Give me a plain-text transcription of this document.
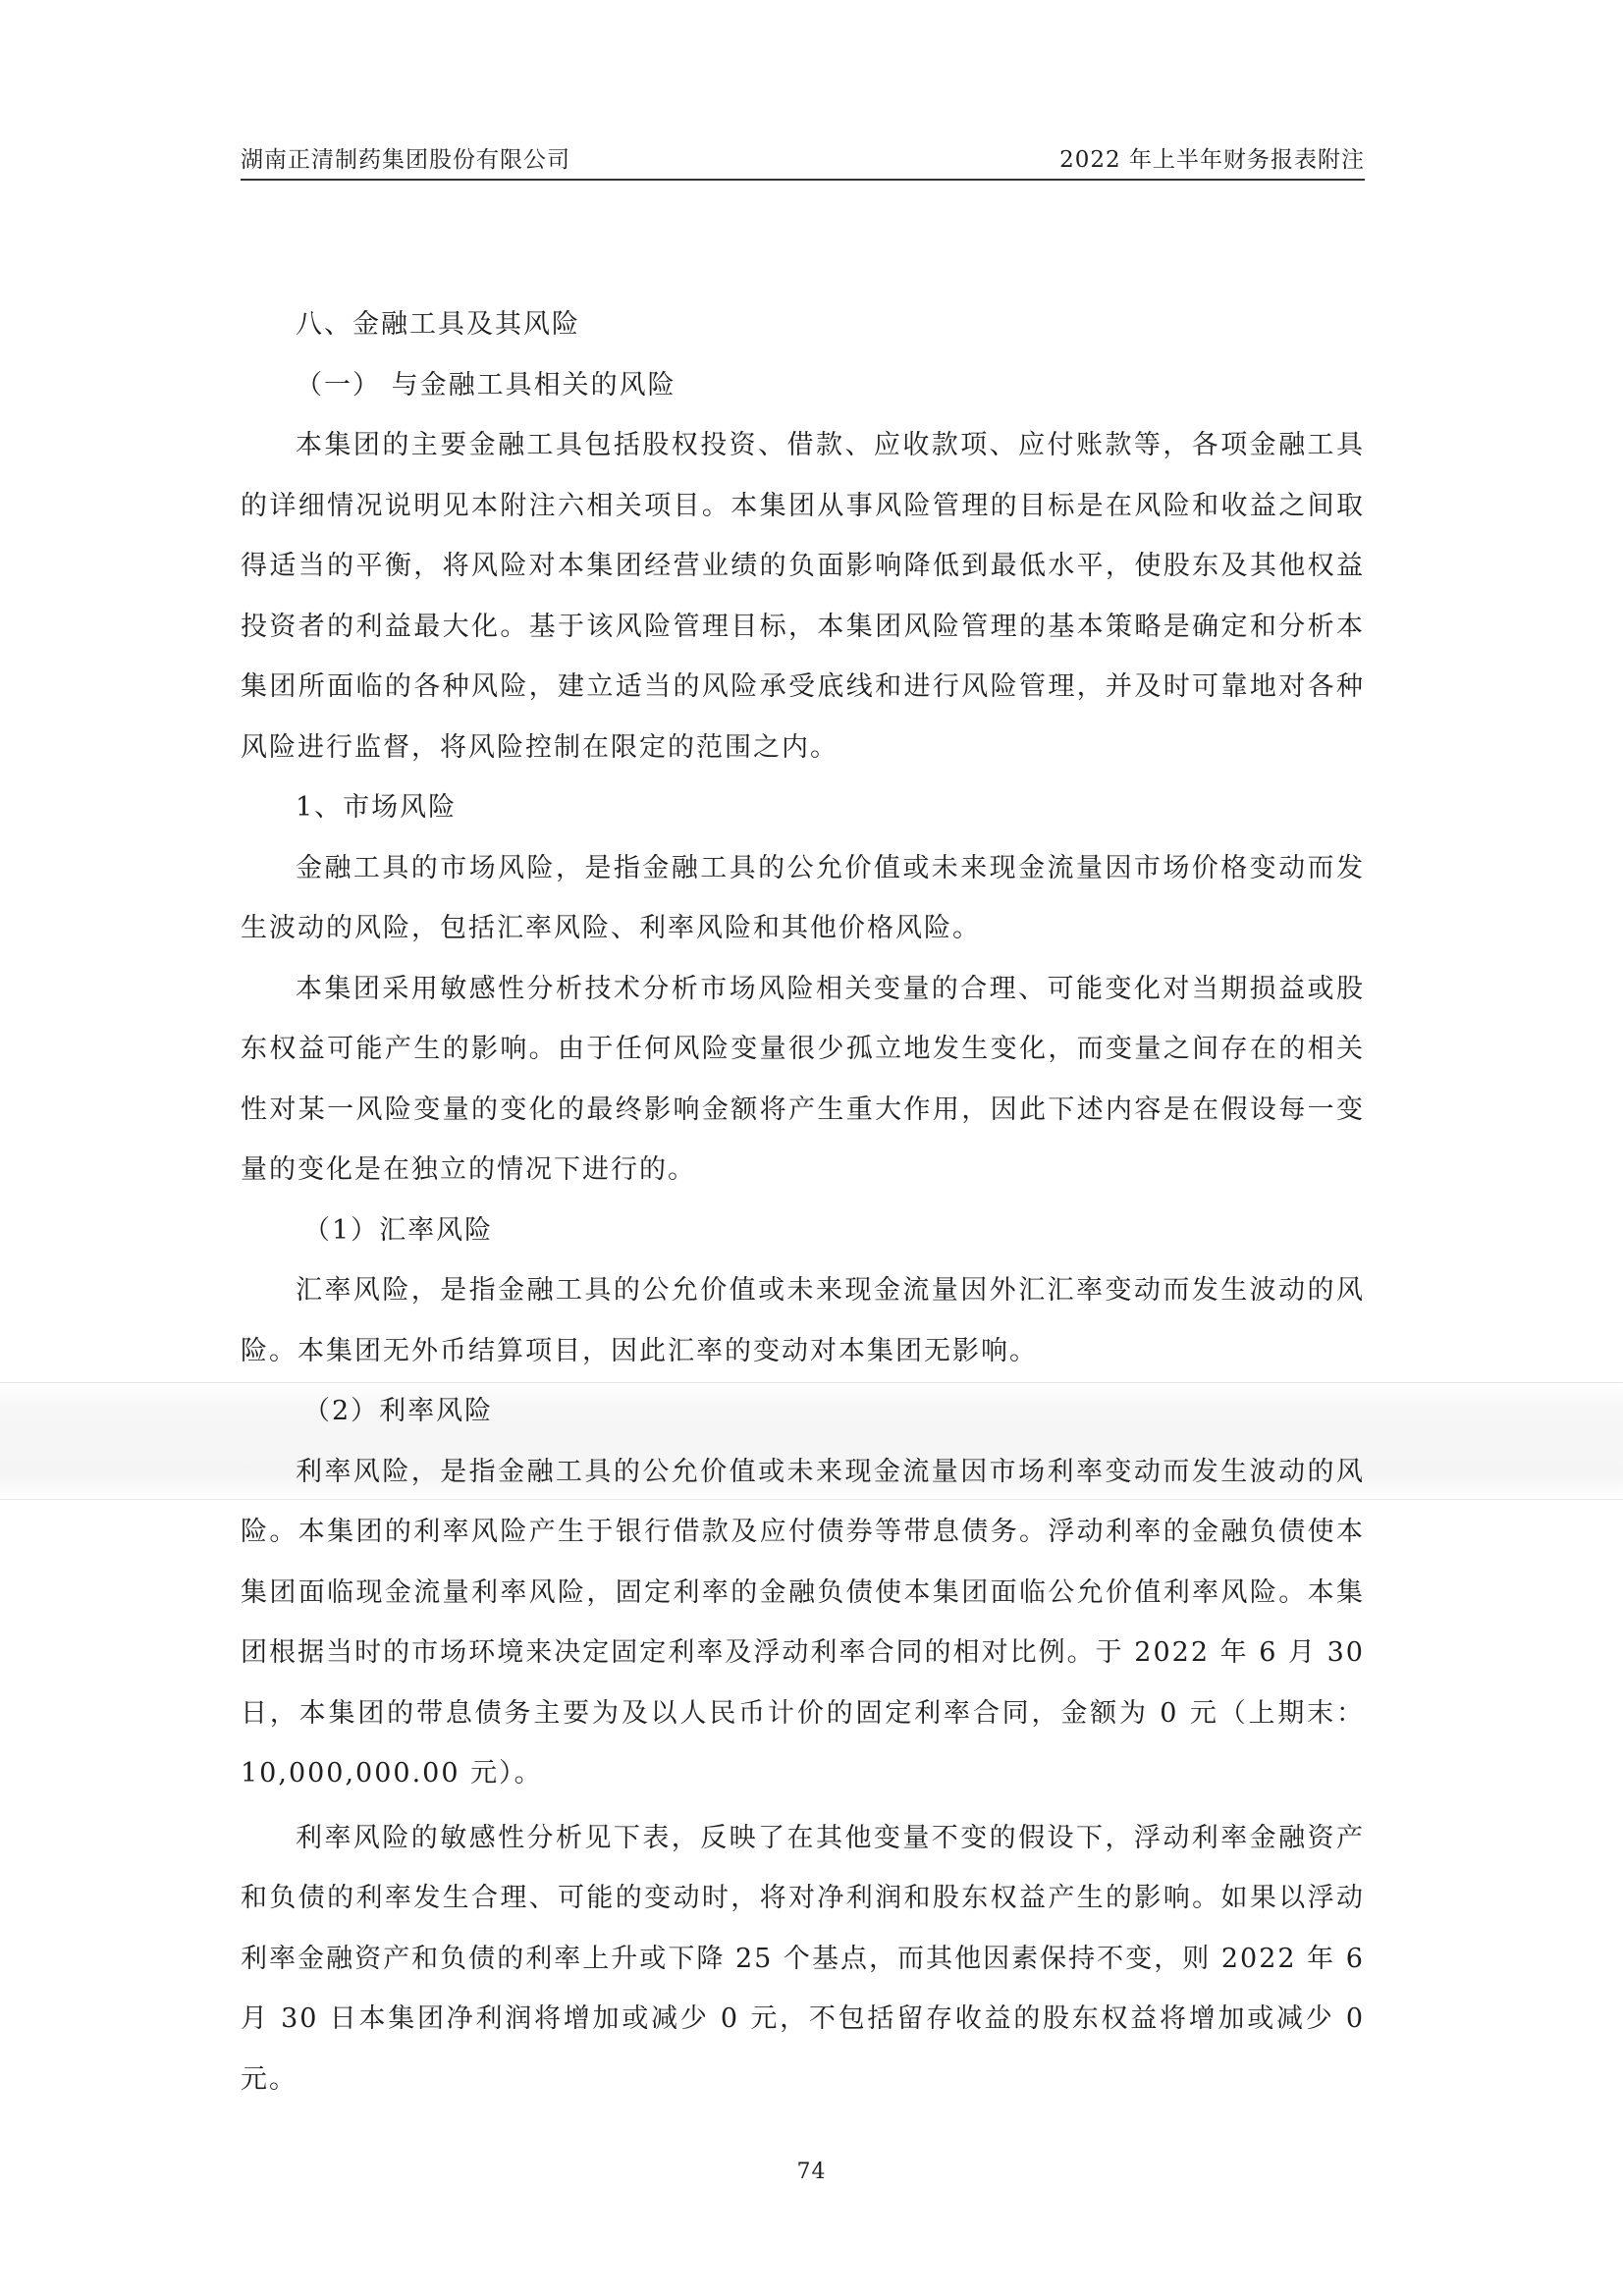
湖南正清制药集团股份有限公司	2022 年上半年财务报表附注

八、金融工具及其风险

（一） 与金融工具相关的风险

本集团的主要金融工具包括股权投资、借款、应收款项、应付账款等，各项金融工具的详细情况说明见本附注六相关项目。本集团从事风险管理的目标是在风险和收益之间取得适当的平衡，将风险对本集团经营业绩的负面影响降低到最低水平，使股东及其他权益投资者的利益最大化。基于该风险管理目标，本集团风险管理的基本策略是确定和分析本集团所面临的各种风险，建立适当的风险承受底线和进行风险管理，并及时可靠地对各种风险进行监督，将风险控制在限定的范围之内。

1、市场风险

金融工具的市场风险，是指金融工具的公允价值或未来现金流量因市场价格变动而发生波动的风险，包括汇率风险、利率风险和其他价格风险。

本集团采用敏感性分析技术分析市场风险相关变量的合理、可能变化对当期损益或股东权益可能产生的影响。由于任何风险变量很少孤立地发生变化，而变量之间存在的相关性对某一风险变量的变化的最终影响金额将产生重大作用，因此下述内容是在假设每一变量的变化是在独立的情况下进行的。

（1）汇率风险

汇率风险，是指金融工具的公允价值或未来现金流量因外汇汇率变动而发生波动的风险。本集团无外币结算项目，因此汇率的变动对本集团无影响。

（2）利率风险

利率风险，是指金融工具的公允价值或未来现金流量因市场利率变动而发生波动的风险。本集团的利率风险产生于银行借款及应付债券等带息债务。浮动利率的金融负债使本集团面临现金流量利率风险，固定利率的金融负债使本集团面临公允价值利率风险。本集团根据当时的市场环境来决定固定利率及浮动利率合同的相对比例。于 2022 年 6 月 30 日，本集团的带息债务主要为及以人民币计价的固定利率合同，金额为 0 元（上期末：10,000,000.00 元）。

利率风险的敏感性分析见下表，反映了在其他变量不变的假设下，浮动利率金融资产和负债的利率发生合理、可能的变动时，将对净利润和股东权益产生的影响。如果以浮动利率金融资产和负债的利率上升或下降 25 个基点，而其他因素保持不变，则 2022 年 6 月 30 日本集团净利润将增加或减少 0 元，不包括留存收益的股东权益将增加或减少 0 元。

74
